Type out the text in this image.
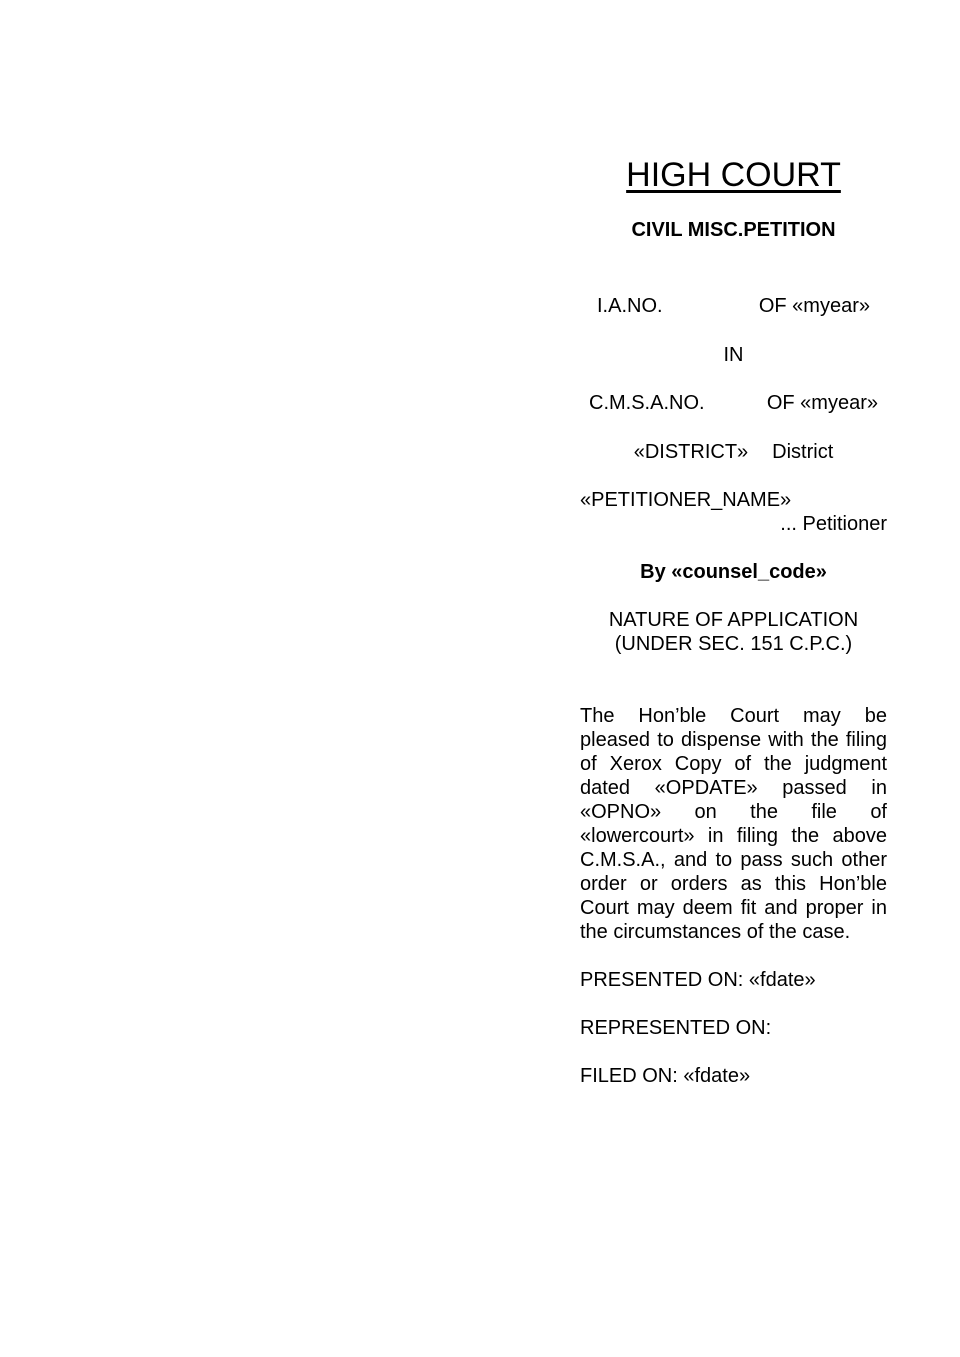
HIGH COURT
CIVIL MISC.PETITION
I.A.NO.	OF «myear»
IN
C.M.S.A.NO.	OF «myear»
«DISTRICT» District
«PETITIONER_NAME»
... Petitioner
By «counsel_code»
NATURE OF APPLICATION
(UNDER SEC. 151 C.P.C.)
The Hon’ble Court may be pleased to dispense with the filing of Xerox Copy of the judgment dated «OPDATE» passed in «OPNO» on the file of «lowercourt» in filing the above C.M.S.A., and to pass such other order or orders as this Hon’ble Court may deem fit and proper in the circumstances of the case.
PRESENTED ON: «fdate»
REPRESENTED ON:
FILED ON: «fdate»
